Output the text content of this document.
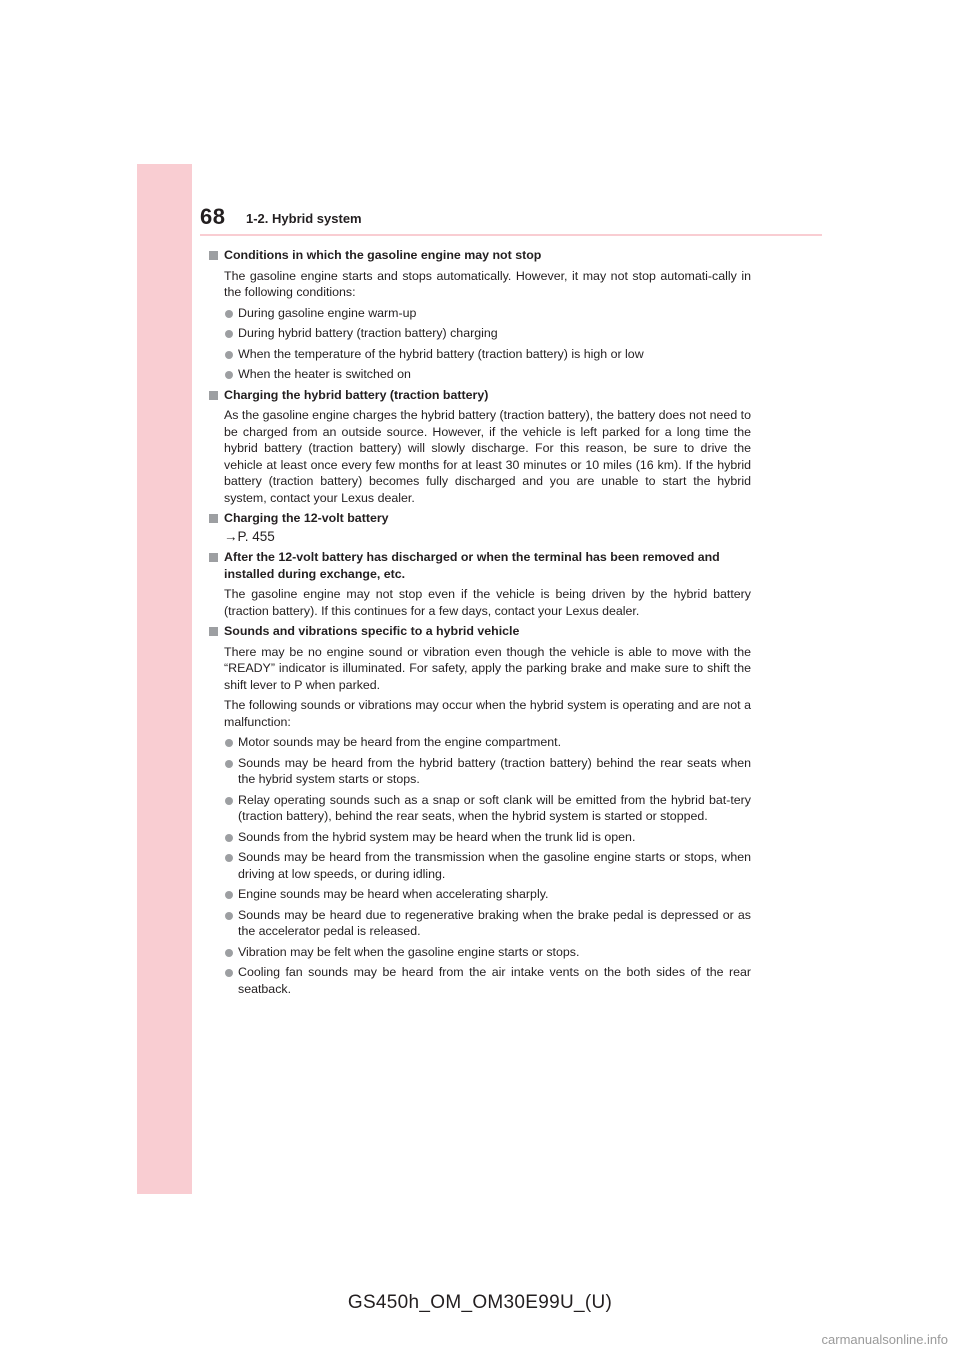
68 1-2. Hybrid system
Conditions in which the gasoline engine may not stop
The gasoline engine starts and stops automatically. However, it may not stop automati-cally in the following conditions:
During gasoline engine warm-up
During hybrid battery (traction battery) charging
When the temperature of the hybrid battery (traction battery) is high or low
When the heater is switched on
Charging the hybrid battery (traction battery)
As the gasoline engine charges the hybrid battery (traction battery), the battery does not need to be charged from an outside source. However, if the vehicle is left parked for a long time the hybrid battery (traction battery) will slowly discharge. For this reason, be sure to drive the vehicle at least once every few months for at least 30 minutes or 10 miles (16 km). If the hybrid battery (traction battery) becomes fully discharged and you are unable to start the hybrid system, contact your Lexus dealer.
Charging the 12-volt battery
→P. 455
After the 12-volt battery has discharged or when the terminal has been removed and installed during exchange, etc.
The gasoline engine may not stop even if the vehicle is being driven by the hybrid battery (traction battery). If this continues for a few days, contact your Lexus dealer.
Sounds and vibrations specific to a hybrid vehicle
There may be no engine sound or vibration even though the vehicle is able to move with the “READY” indicator is illuminated. For safety, apply the parking brake and make sure to shift the shift lever to P when parked.
The following sounds or vibrations may occur when the hybrid system is operating and are not a malfunction:
Motor sounds may be heard from the engine compartment.
Sounds may be heard from the hybrid battery (traction battery) behind the rear seats when the hybrid system starts or stops.
Relay operating sounds such as a snap or soft clank will be emitted from the hybrid bat-tery (traction battery), behind the rear seats, when the hybrid system is started or stopped.
Sounds from the hybrid system may be heard when the trunk lid is open.
Sounds may be heard from the transmission when the gasoline engine starts or stops, when driving at low speeds, or during idling.
Engine sounds may be heard when accelerating sharply.
Sounds may be heard due to regenerative braking when the brake pedal is depressed or as the accelerator pedal is released.
Vibration may be felt when the gasoline engine starts or stops.
Cooling fan sounds may be heard from the air intake vents on the both sides of the rear seatback.
GS450h_OM_OM30E99U_(U)
carmanualsonline.info
